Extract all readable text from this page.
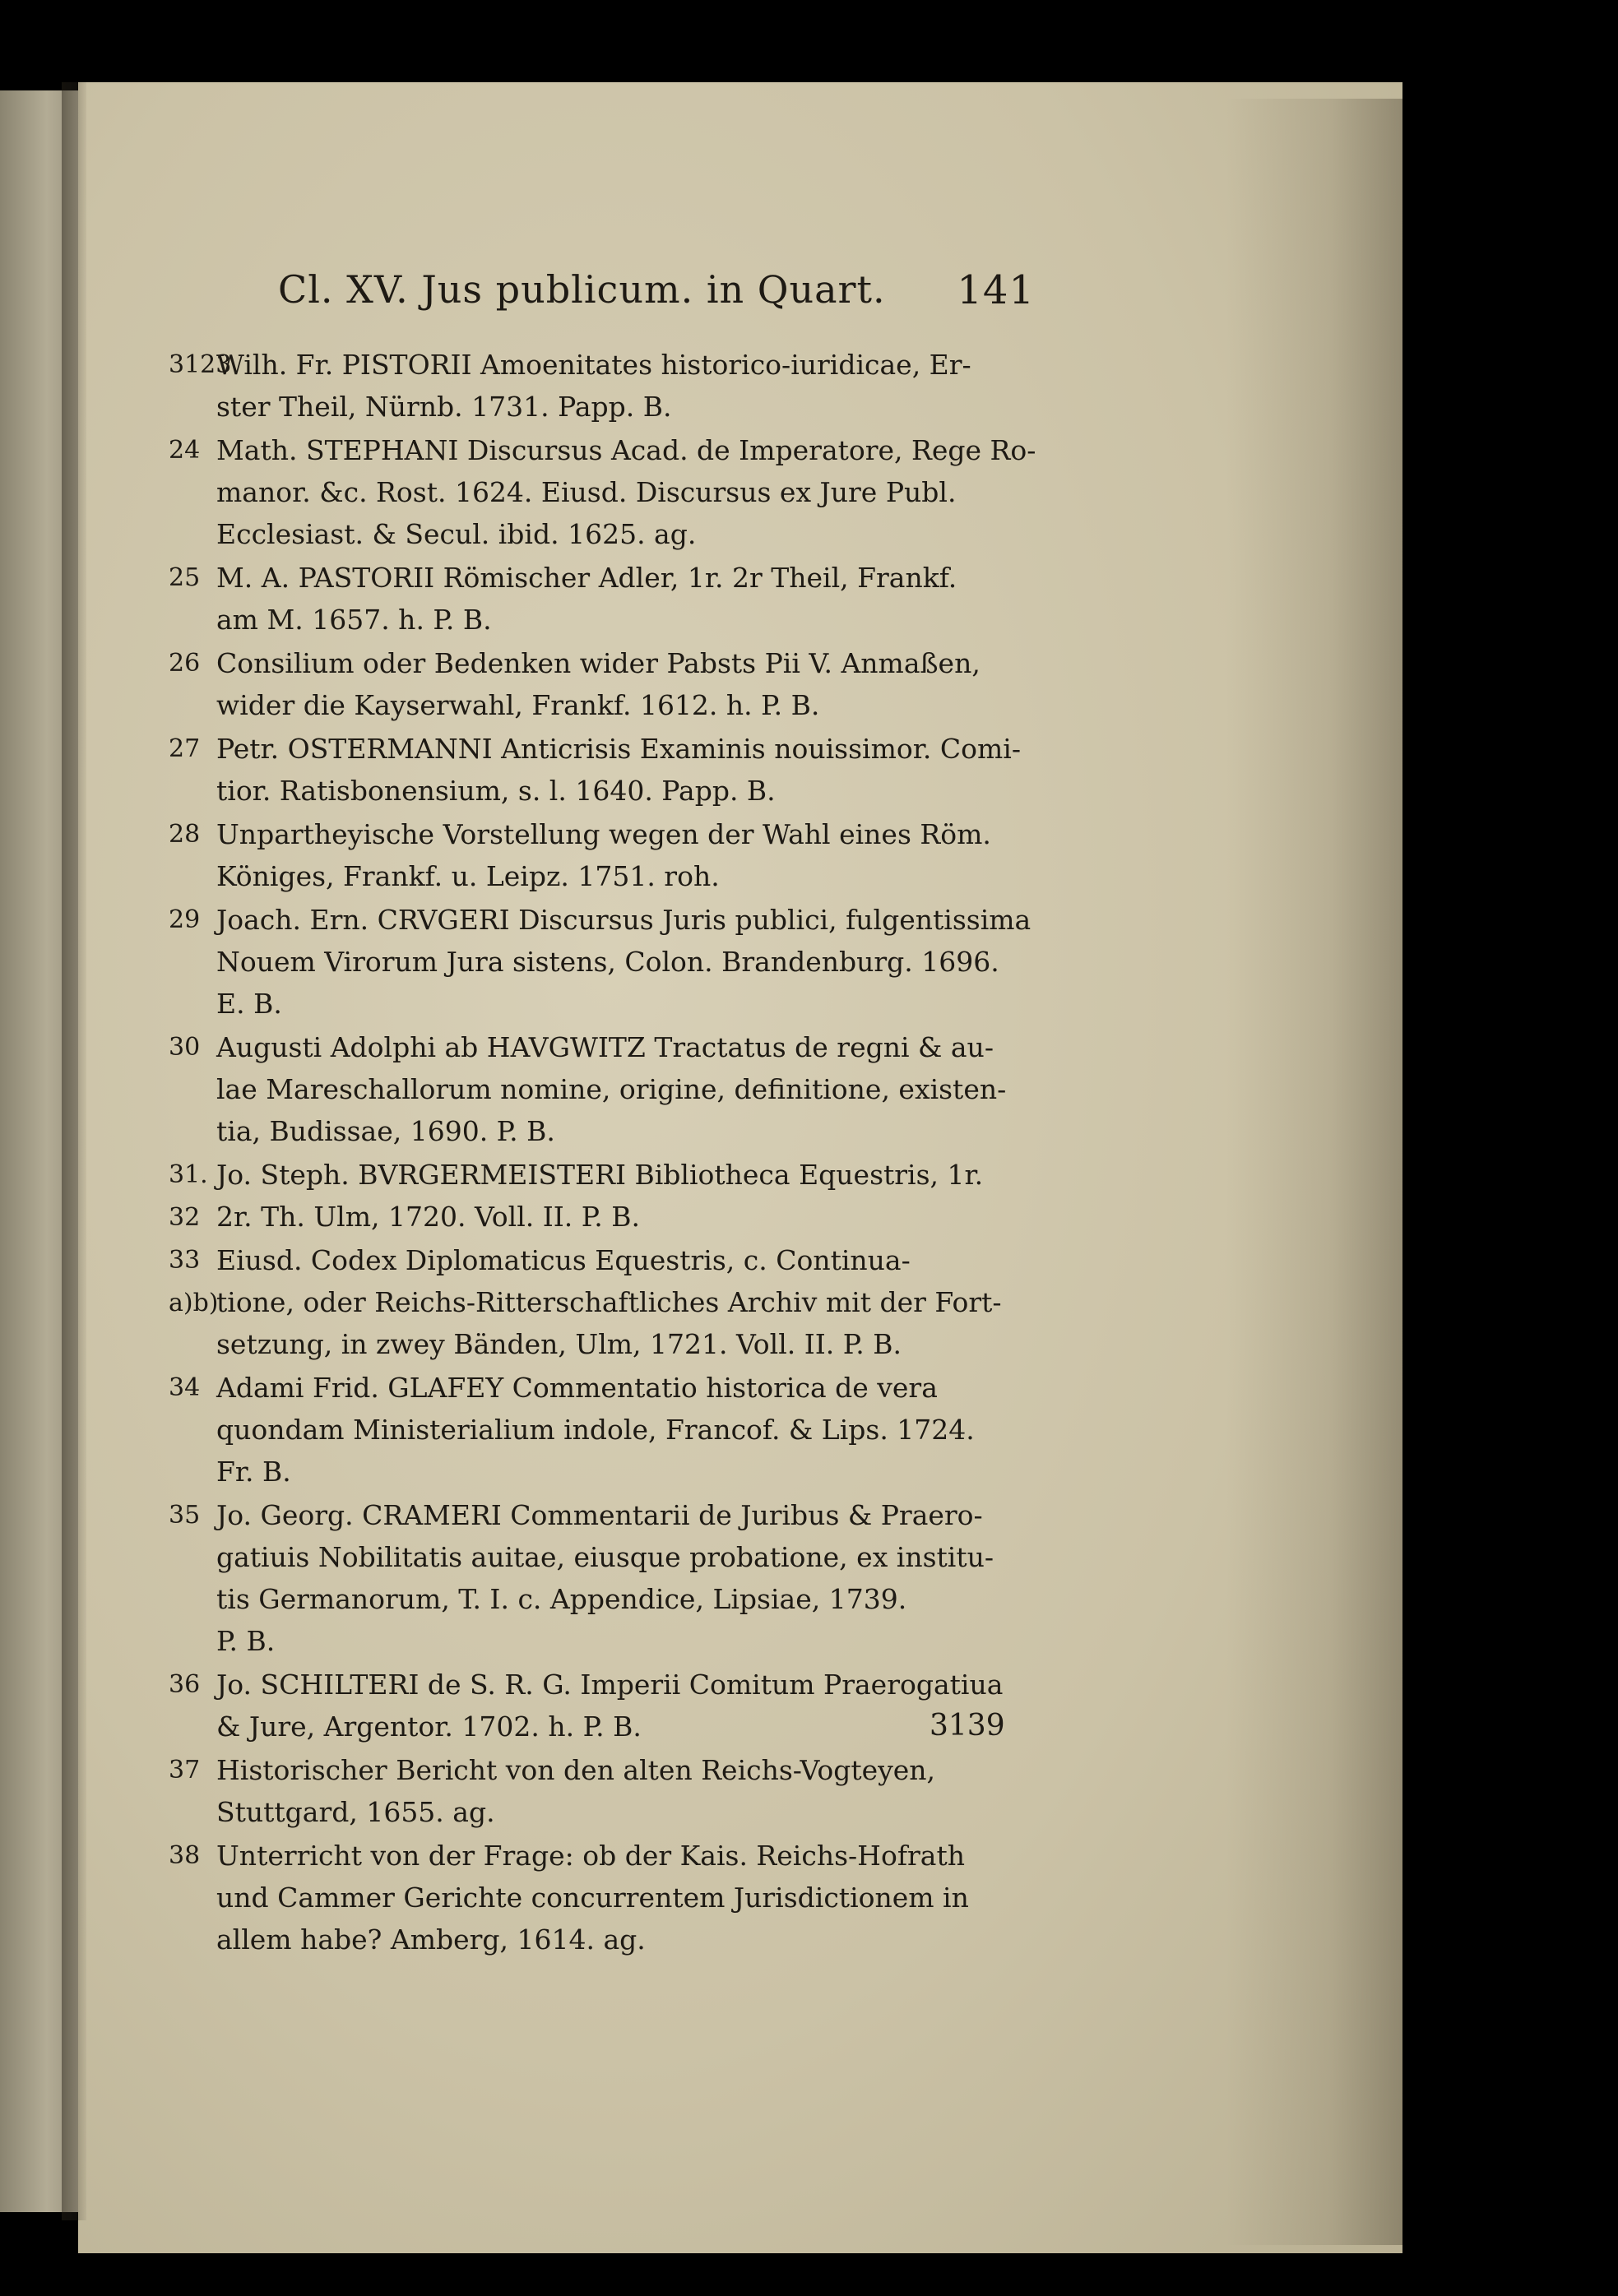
Cl. XV. Jus publicum. in Quart. 141
3123
Wilh. Fr. PISTORII Amoenitates historico-iuridicae, Er-
ster Theil, Nürnb. 1731. Papp. B.
24 Math. STEPHANI Discursus Acad. de Imperatore, Rege Ro-
manor. &c. Rost. 1624. Eiusd. Discursus ex Jure Publ.
Ecclesiast. & Secul. ibid. 1625. ag.
25 M. A. PASTORII Römischer Adler, 1r. 2r Theil, Frankf.
am M. 1657. h. P. B.
26 Consilium oder Bedenken wider Pabsts Pii V. Anmaßen,
wider die Kayserwahl, Frankf. 1612. h. P. B.
27 Petr. OSTERMANNI Anticrisis Examinis nouissimor. Comi-
tior. Ratisbonensium, s. l. 1640. Papp. B.
28 Unpartheyische Vorstellung wegen der Wahl eines Röm.
Königes, Frankf. u. Leipz. 1751. roh.
29 Joach. Ern. CRVGERI Discursus Juris publici, fulgentissima
Nouem Virorum Jura sistens, Colon. Brandenburg. 1696.
E. B.
30 Augusti Adolphi ab HAVGWITZ Tractatus de regni & au-
lae Mareschallorum nomine, origine, definitione, existen-
tia, Budissae, 1690. P. B.
31. 32
Jo. Steph. BVRGERMEISTERI Bibliotheca Equestris, 1r.
2r. Th. Ulm, 1720. Voll. II. P. B.
33 a)b)
Eiusd. Codex Diplomaticus Equestris, c. Continua-
tione, oder Reichs-Ritterschaftliches Archiv mit der Fort-
setzung, in zwey Bänden, Ulm, 1721. Voll. II. P. B.
34 Adami Frid. GLAFEY Commentatio historica de vera
quondam Ministerialium indole, Francof. & Lips. 1724.
Fr. B.
35 Jo. Georg. CRAMERI Commentarii de Juribus & Praero-
gatiuis Nobilitatis auitae, eiusque probatione, ex institu-
tis Germanorum, T. I. c. Appendice, Lipsiae, 1739.
P. B.
36 Jo. SCHILTERI de S. R. G. Imperii Comitum Praerogatiua
& Jure, Argentor. 1702. h. P. B.
37 Historischer Bericht von den alten Reichs-Vogteyen,
Stuttgard, 1655. ag.
38 Unterricht von der Frage: ob der Kais. Reichs-Hofrath
und Cammer Gerichte concurrentem Jurisdictionem in
allem habe? Amberg, 1614. ag.
3139
